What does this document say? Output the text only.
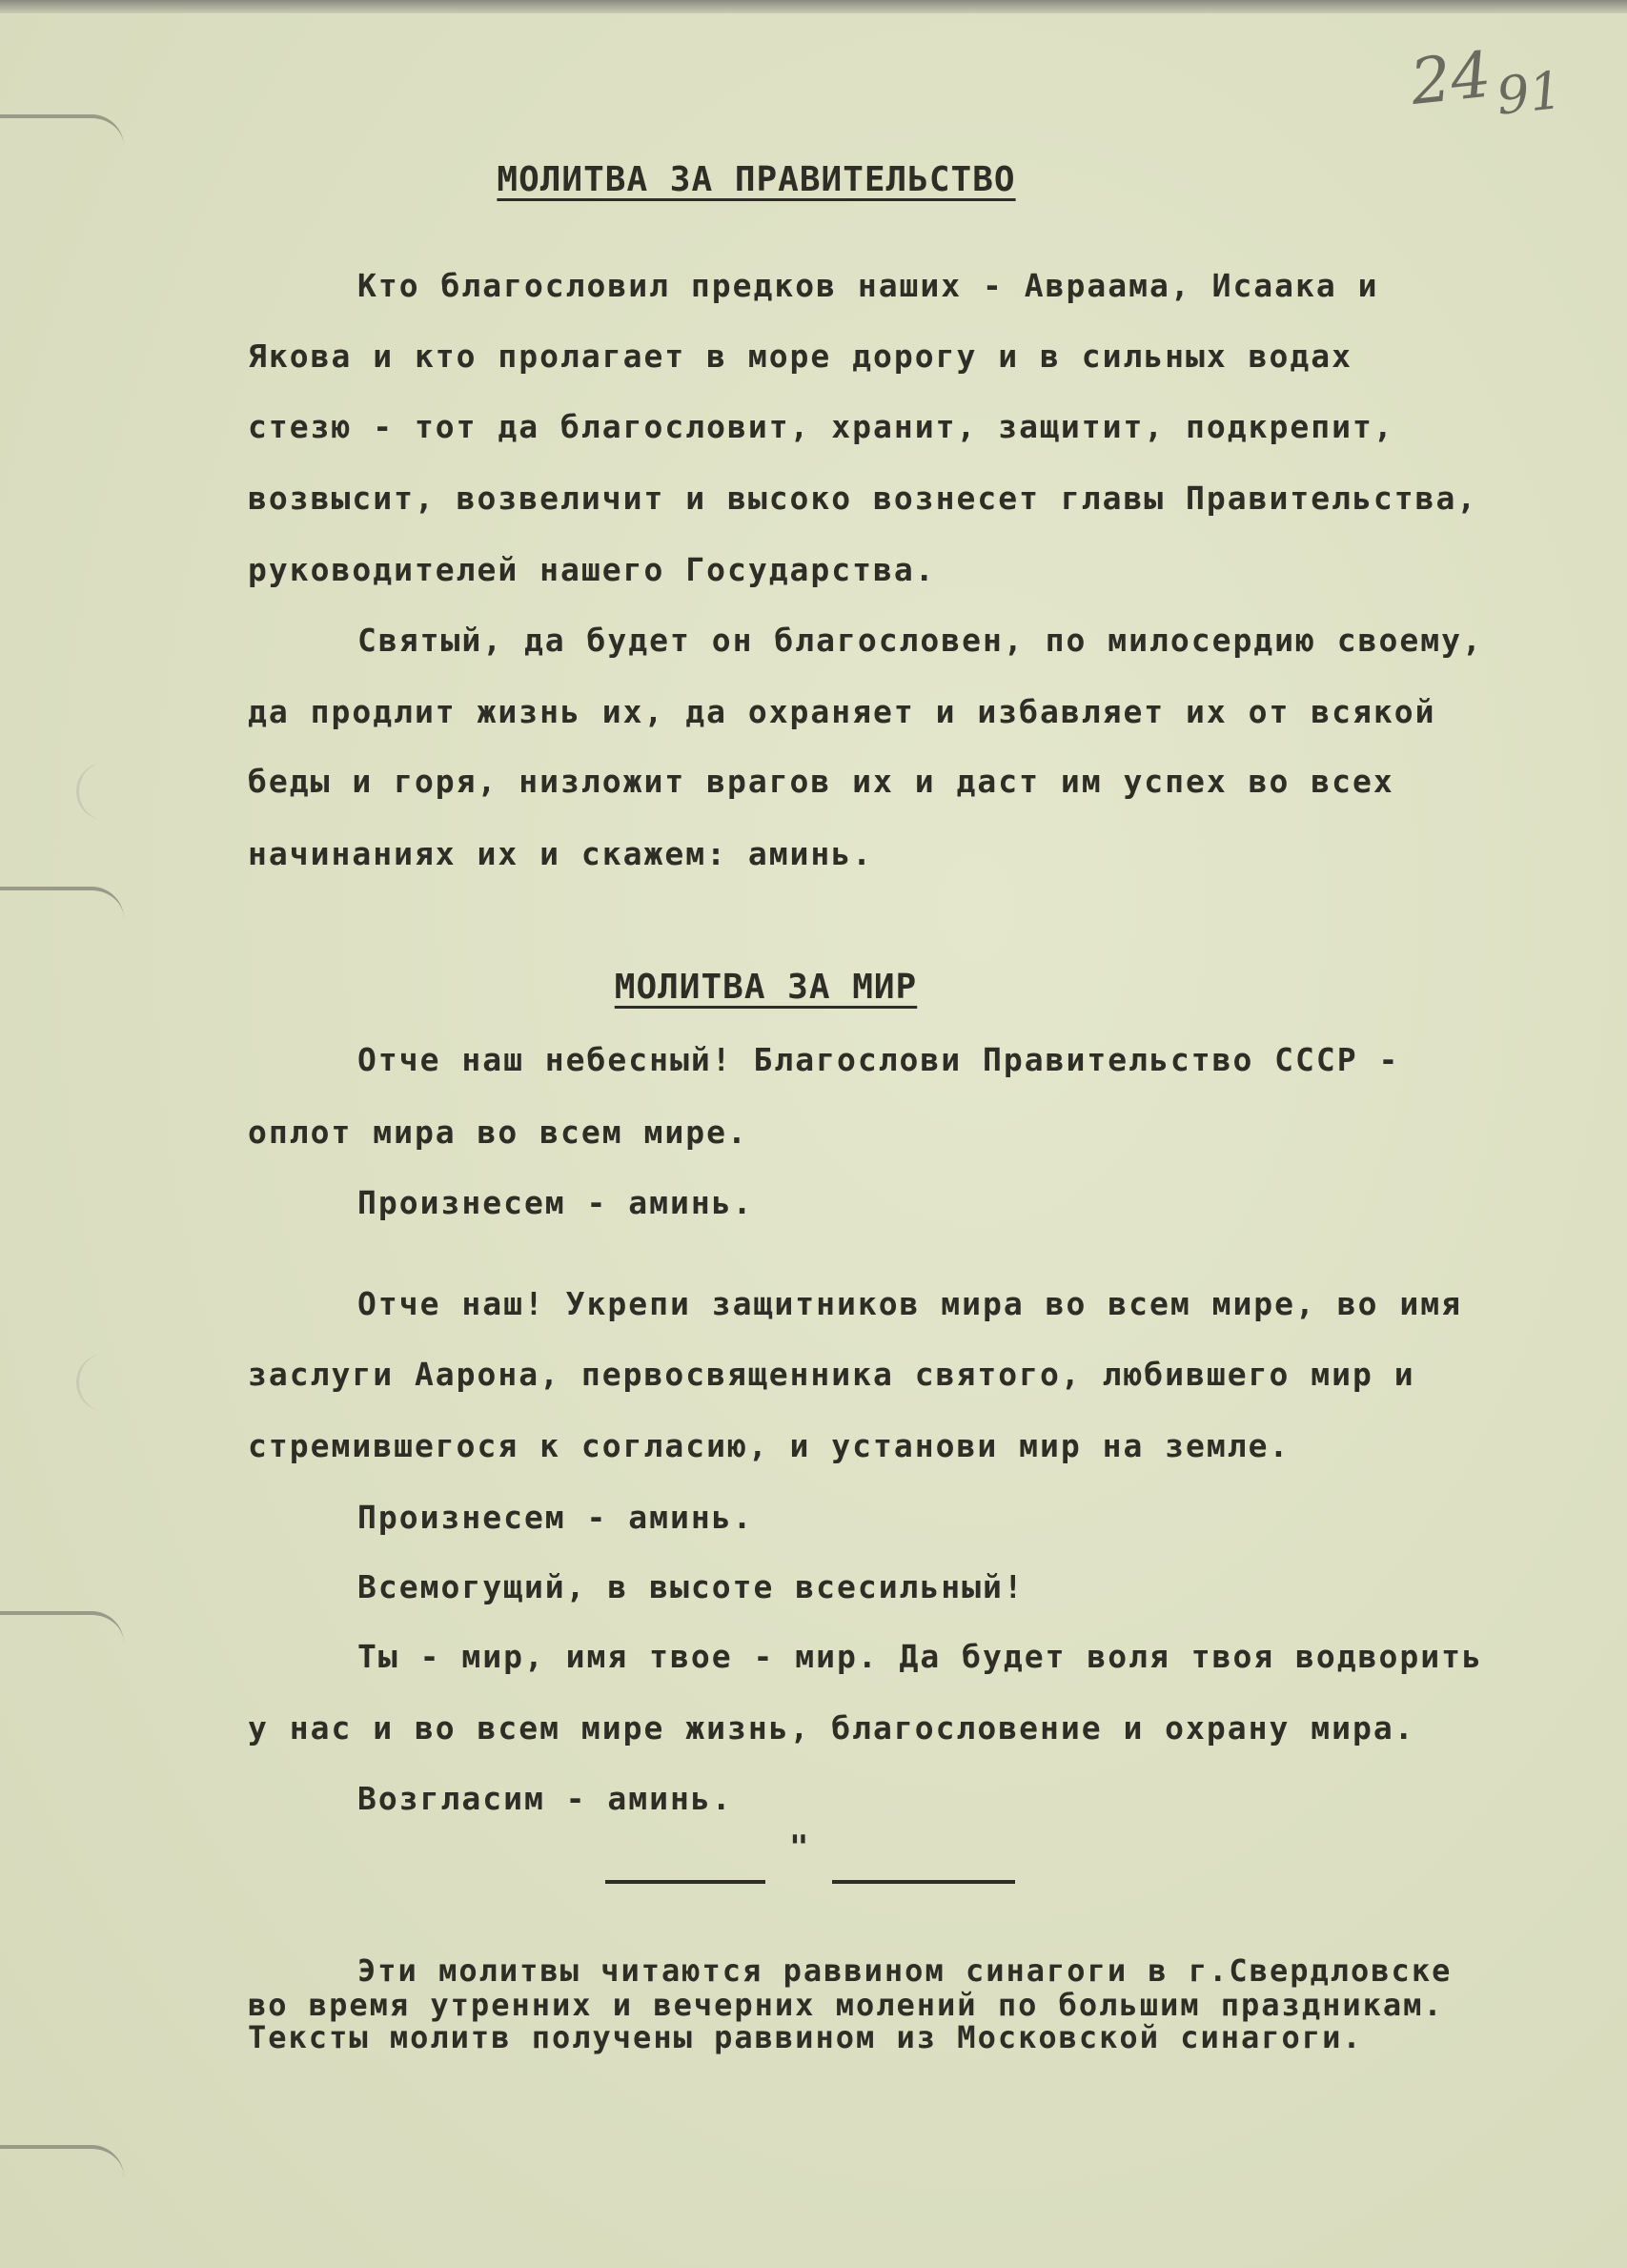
$24_{91}$
МОЛИТВА ЗА ПРАВИТЕЛЬСТВО
Кто благословил предков наших - Авраама, Исаака и
Якова и кто пролагает в море дорогу и в сильных водах
стезю - тот да благословит, хранит, защитит, подкрепит,
возвысит, возвеличит и высоко вознесет главы Правительства,
руководителей нашего Государства.
Святый, да будет он благословен, по милосердию своему,
да продлит жизнь их, да охраняет и избавляет их от всякой
беды и горя, низложит врагов их и даст им успех во всех
начинаниях их и скажем: аминь.
МОЛИТВА ЗА МИР
Отче наш небесный! Благослови Правительство СССР -
оплот мира во всем мире.
Произнесем - аминь.
Отче наш! Укрепи защитников мира во всем мире, во имя
заслуги Аарона, первосвященника святого, любившего мир и
стремившегося к согласию, и установи мир на земле.
Произнесем - аминь.
Всемогущий, в высоте всесильный!
Ты - мир, имя твое - мир. Да будет воля твоя водворить
у нас и во всем мире жизнь, благословение и охрану мира.
Возгласим - аминь.
"
Эти молитвы читаются раввином синагоги в г.Свердловске
во время утренних и вечерних молений по большим праздникам.
Тексты молитв получены раввином из Московской синагоги.
